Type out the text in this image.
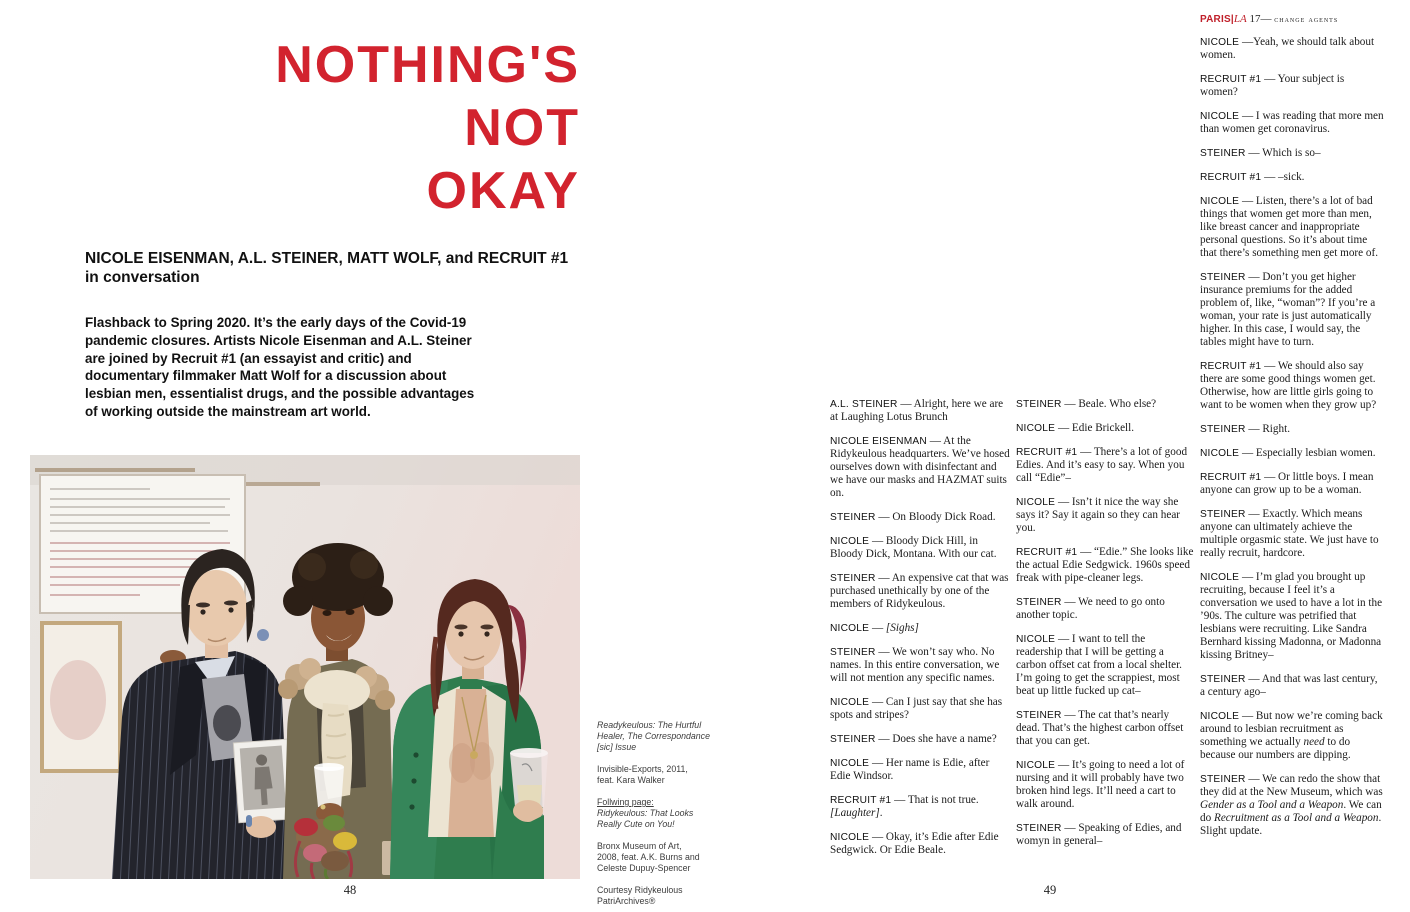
NOTHING'S
NOT
OKAY
NICOLE EISENMAN, A.L. STEINER, MATT WOLF, and RECRUIT #1
in conversation
Flashback to Spring 2020. It’s the early days of the Covid-19 pandemic closures. Artists Nicole Eisenman and A.L. Steiner are joined by Recruit #1 (an essayist and critic) and documentary filmmaker Matt Wolf for a discussion about lesbian men, essentialist drugs, and the possible advantages of working outside the mainstream art world.
Readykeulous: The Hurtful
Healer, The Correspondance
[sic] Issue
Invisible-Exports, 2011,
feat. Kara Walker
Follwing page:
Ridykeulous: That Looks
Really Cute on You!
Bronx Museum of Art,
2008, feat. A.K. Burns and
Celeste Dupuy-Spencer
Courtesy Ridykeulous
PatriArchives®
48
PARIS|LA 17— change agents

A.L. STEINER — Alright, here we are at Laughing Lotus Brunch

NICOLE EISENMAN — At the Ridykeulous headquarters. We’ve hosed ourselves down with disinfectant and we have our masks and HAZMAT suits on.

STEINER — On Bloody Dick Road.

NICOLE — Bloody Dick Hill, in Bloody Dick, Montana. With our cat.

STEINER — An expensive cat that was purchased unethically by one of the members of Ridykeulous.

NICOLE — [Sighs]

STEINER — We won’t say who. No names. In this entire conversation, we will not mention any specific names.

NICOLE — Can I just say that she has spots and stripes?

STEINER — Does she have a name?

NICOLE — Her name is Edie, after Edie Windsor.

RECRUIT #1 — That is not true. [Laughter].

NICOLE — Okay, it’s Edie after Edie Sedgwick. Or Edie Beale.

STEINER — Beale. Who else?

NICOLE — Edie Brickell.

RECRUIT #1 — There’s a lot of good Edies. And it’s easy to say. When you call “Edie”–

NICOLE — Isn’t it nice the way she says it? Say it again so they can hear you.

RECRUIT #1 — “Edie.” She looks like the actual Edie Sedgwick. 1960s speed freak with pipe-cleaner legs.

STEINER — We need to go onto another topic.

NICOLE — I want to tell the readership that I will be getting a carbon offset cat from a local shelter. I’m going to get the scrappiest, most beat up little fucked up cat–

STEINER — The cat that’s nearly dead. That’s the highest carbon offset that you can get.

NICOLE — It’s going to need a lot of nursing and it will probably have two broken hind legs. It’ll need a cart to walk around.

STEINER — Speaking of Edies, and womyn in general–

NICOLE —Yeah, we should talk about women.

RECRUIT #1 — Your subject is women?

NICOLE — I was reading that more men than women get coronavirus.

STEINER — Which is so–

RECRUIT #1 — –sick.

NICOLE — Listen, there’s a lot of bad things that women get more than men, like breast cancer and inappropriate personal questions. So it’s about time that there’s something men get more of.

STEINER — Don’t you get higher insurance premiums for the added problem of, like, “woman”? If you’re a woman, your rate is just automatically higher. In this case, I would say, the tables might have to turn.

RECRUIT #1 — We should also say there are some good things women get. Otherwise, how are little girls going to want to be women when they grow up?

STEINER — Right.

NICOLE — Especially lesbian women.

RECRUIT #1 — Or little boys. I mean anyone can grow up to be a woman.

STEINER — Exactly. Which means anyone can ultimately achieve the multiple orgasmic state. We just have to really recruit, hardcore.

NICOLE — I’m glad you brought up recruiting, because I feel it’s a conversation we used to have a lot in the ’90s. The culture was petrified that lesbians were recruiting. Like Sandra Bernhard kissing Madonna, or Madonna kissing Britney–

STEINER — And that was last century, a century ago–

NICOLE — But now we’re coming back around to lesbian recruitment as something we actually need to do because our numbers are dipping.

STEINER — We can redo the show that they did at the New Museum, which was Gender as a Tool and a Weapon. We can do Recruitment as a Tool and a Weapon. Slight update.

49
